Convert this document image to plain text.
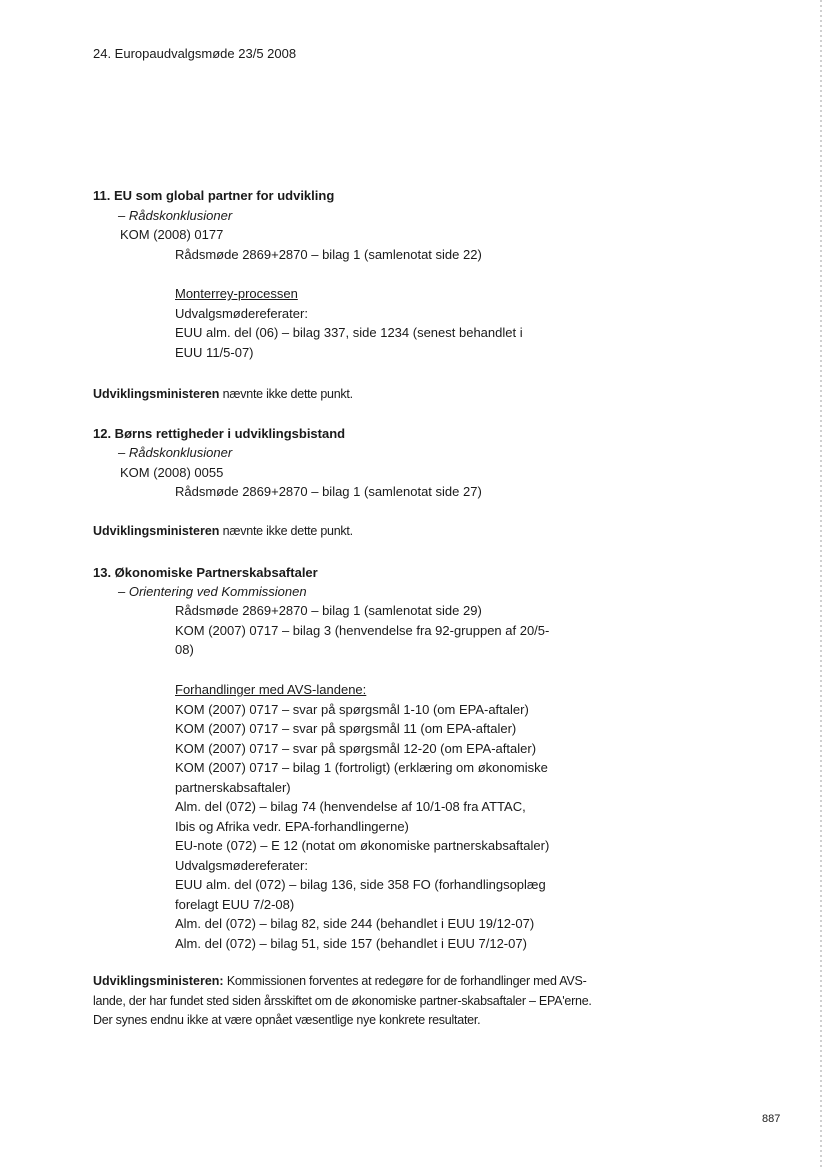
24. Europaudvalgsmøde 23/5 2008
11. EU som global partner for udvikling
– Rådskonklusioner
KOM (2008) 0177
Rådsmøde 2869+2870 – bilag 1 (samlenotat side 22)
Monterrey-processen
Udvalgsmødereferater:
EUU alm. del (06) – bilag 337, side 1234 (senest behandlet i
EUU 11/5-07)
Udviklingsministeren nævnte ikke dette punkt.
12. Børns rettigheder i udviklingsbistand
– Rådskonklusioner
KOM (2008) 0055
Rådsmøde 2869+2870 – bilag 1 (samlenotat side 27)
Udviklingsministeren nævnte ikke dette punkt.
13. Økonomiske Partnerskabsaftaler
– Orientering ved Kommissionen
Rådsmøde 2869+2870 – bilag 1 (samlenotat side 29)
KOM (2007) 0717 – bilag 3 (henvendelse fra 92-gruppen af 20/5-
08)
Forhandlinger med AVS-landene:
KOM (2007) 0717 – svar på spørgsmål 1-10 (om EPA-aftaler)
KOM (2007) 0717 – svar på spørgsmål 11 (om EPA-aftaler)
KOM (2007) 0717 – svar på spørgsmål 12-20 (om EPA-aftaler)
KOM (2007) 0717 – bilag 1 (fortroligt) (erklæring om økonomiske
partnerskabsaftaler)
Alm. del (072) – bilag 74 (henvendelse af 10/1-08 fra ATTAC,
Ibis og Afrika vedr. EPA-forhandlingerne)
EU-note (072) – E 12 (notat om økonomiske partnerskabsaftaler)
Udvalgsmødereferater:
EUU alm. del (072) – bilag 136, side 358 FO (forhandlingsoplæg
forelagt EUU 7/2-08)
Alm. del (072) – bilag 82, side 244 (behandlet i EUU 19/12-07)
Alm. del (072) – bilag 51, side 157 (behandlet i EUU 7/12-07)
Udviklingsministeren: Kommissionen forventes at redegøre for de forhandlinger med AVS-lande, der har fundet sted siden årsskiftet om de økonomiske partner-skabsaftaler – EPA'erne. Der synes endnu ikke at være opnået væsentlige nye konkrete resultater.
887
